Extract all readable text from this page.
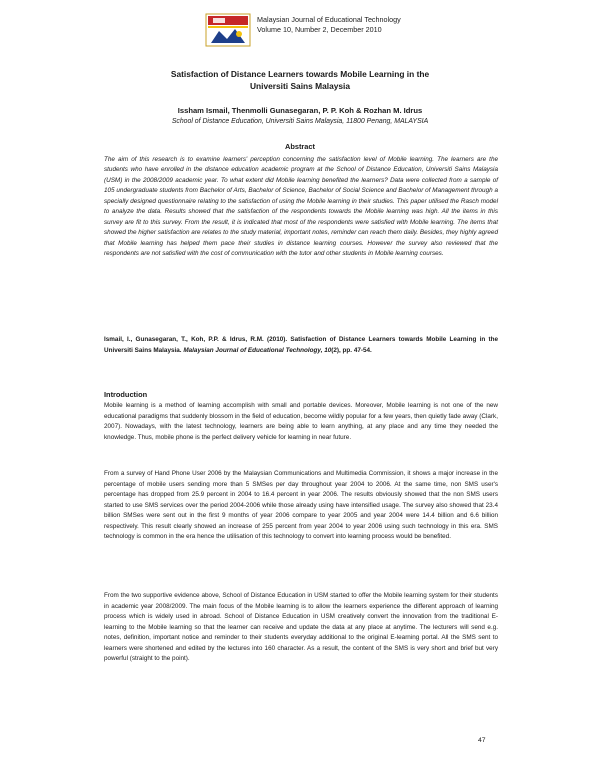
Malaysian Journal of Educational Technology
Volume 10, Number 2, December 2010
Satisfaction of Distance Learners towards Mobile Learning in the
Universiti Sains Malaysia
Issham Ismail, Thenmolli Gunasegaran, P. P. Koh & Rozhan M. Idrus
School of Distance Education, Universiti Sains Malaysia, 11800 Penang, MALAYSIA
Abstract
The aim of this research is to examine learners' perception concerning the satisfaction level of Mobile learning. The learners are the students who have enrolled in the distance education academic program at the School of Distance Education, Universiti Sains Malaysia (USM) in the 2008/2009 academic year. To what extent did Mobile learning benefited the learners? Data were collected from a sample of 105 undergraduate students from Bachelor of Arts, Bachelor of Science, Bachelor of Social Science and Bachelor of Management through a specially designed questionnaire relating to the satisfaction of using the Mobile learning in their studies. This paper utilised the Rasch model to analyze the data. Results showed that the satisfaction of the respondents towards the Mobile learning was high. All the items in this survey are fit to this survey. From the result, it is indicated that most of the respondents were satisfied with Mobile learning. The items that showed the higher satisfaction are relates to the study material, important notes, reminder can reach them daily. Besides, they highly agreed that Mobile learning has helped them pace their studies in distance learning courses. However the survey also reviewed that the respondents are not satisfied with the cost of communication with the tutor and other students in Mobile learning courses.
Ismail, I., Gunasegaran, T., Koh, P.P. & Idrus, R.M. (2010). Satisfaction of Distance Learners towards Mobile Learning in the Universiti Sains Malaysia. Malaysian Journal of Educational Technology, 10(2), pp. 47-54.
Introduction
Mobile learning is a method of learning accomplish with small and portable devices. Moreover, Mobile learning is not one of the new educational paradigms that suddenly blossom in the field of education, become wildly popular for a few years, then quietly fade away (Clark, 2007). Nowadays, with the latest technology, learners are being able to learn anything, at any place and any time they needed the knowledge. Thus, mobile phone is the perfect delivery vehicle for learning in near future.
From a survey of Hand Phone User 2006 by the Malaysian Communications and Multimedia Commission, it shows a major increase in the percentage of mobile users sending more than 5 SMSes per day throughout year 2004 to 2006. At the same time, non SMS user's percentage has dropped from 25.9 percent in 2004 to 16.4 percent in year 2006. The results obviously showed that the non SMS users started to use SMS services over the period 2004-2006 while those already using have intensified usage. The survey also showed that 23.4 billion SMSes were sent out in the first 9 months of year 2006 compare to year 2005 and year 2004 were 14.4 billion and 6.6 billion respectively. This result clearly showed an increase of 255 percent from year 2004 to year 2006 using such technology in this era. SMS technology is common in the era hence the utilisation of this technology to convert into learning process would be benefited.
From the two supportive evidence above, School of Distance Education in USM started to offer the Mobile learning system for their students in academic year 2008/2009. The main focus of the Mobile learning is to allow the learners experience the different approach of learning process which is widely used in abroad. School of Distance Education in USM creatively convert the innovation from the traditional E-learning to the Mobile learning so that the learner can receive and update the data at any place at anytime. The lecturers will send e.g. notes, definition, important notice and reminder to their students everyday additional to the original E-learning portal. All the SMS sent to learners were shortened and edited by the lectures into 160 character. As a result, the content of the SMS is very short and brief but very powerful (straight to the point).
47
